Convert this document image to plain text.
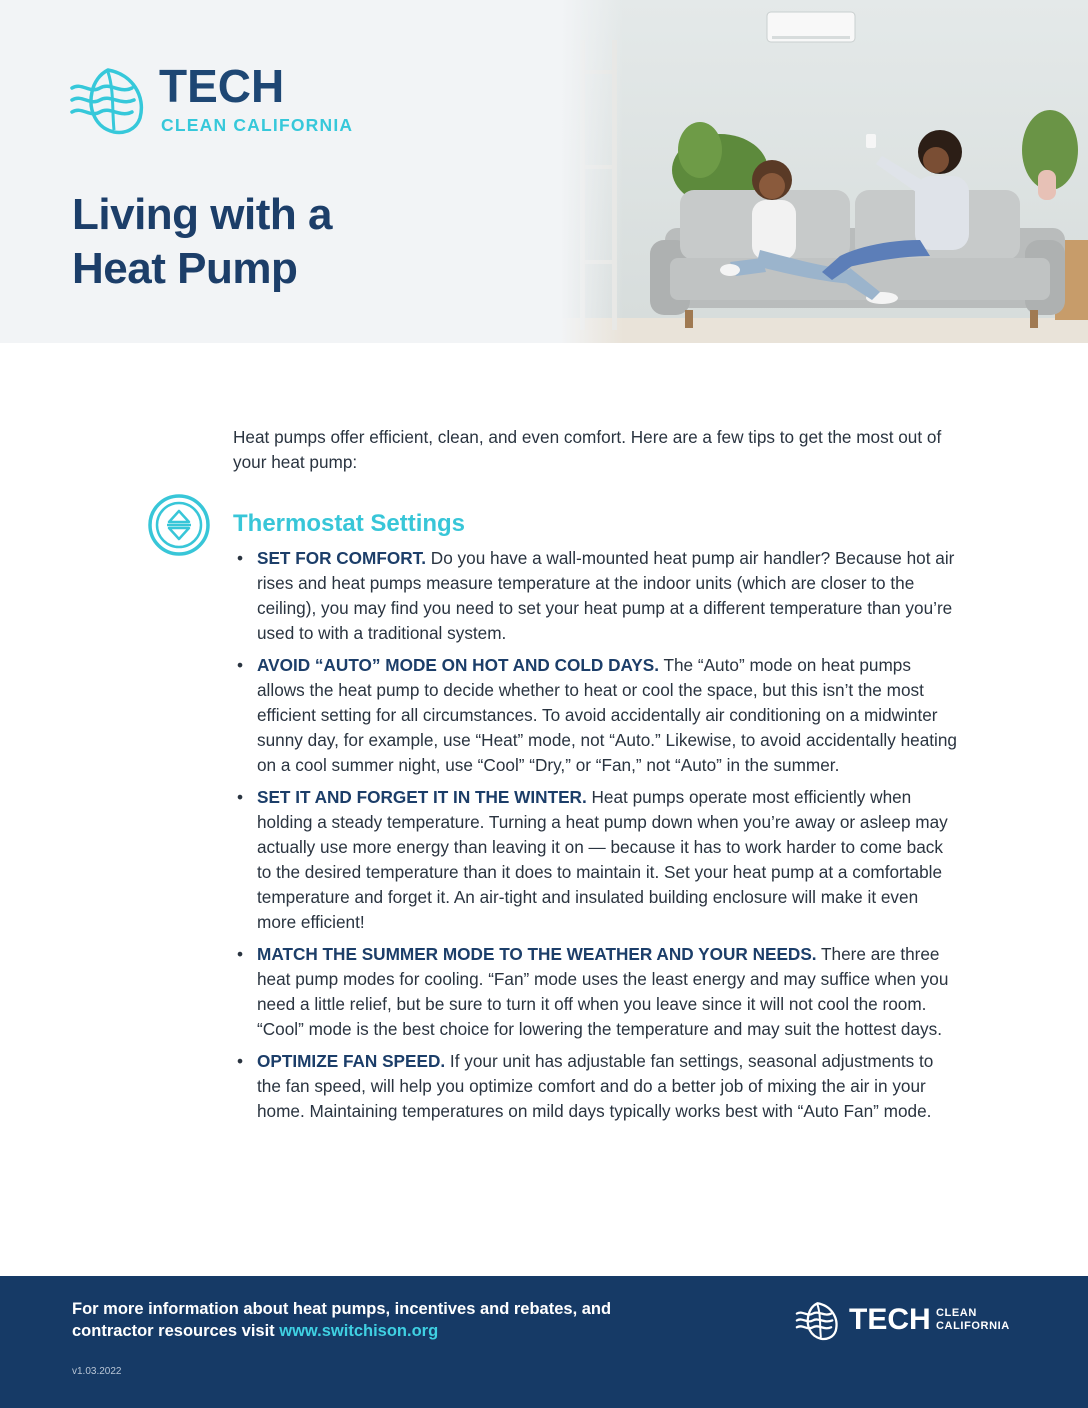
TECH
CLEAN CALIFORNIA
Living with a
Heat Pump

Heat pumps offer efficient, clean, and even comfort. Here are a few tips to get the most out of your heat pump:

Thermostat Settings
• SET FOR COMFORT. Do you have a wall-mounted heat pump air handler? Because hot air rises and heat pumps measure temperature at the indoor units (which are closer to the ceiling), you may find you need to set your heat pump at a different temperature than you’re used to with a traditional system.
• AVOID “AUTO” MODE ON HOT AND COLD DAYS. The “Auto” mode on heat pumps allows the heat pump to decide whether to heat or cool the space, but this isn’t the most efficient setting for all circumstances. To avoid accidentally air conditioning on a midwinter sunny day, for example, use “Heat” mode, not “Auto.” Likewise, to avoid accidentally heating on a cool summer night, use “Cool” “Dry,” or “Fan,” not “Auto” in the summer.
• SET IT AND FORGET IT IN THE WINTER. Heat pumps operate most efficiently when holding a steady temperature. Turning a heat pump down when you’re away or asleep may actually use more energy than leaving it on — because it has to work harder to come back to the desired temperature than it does to maintain it. Set your heat pump at a comfortable temperature and forget it. An air-tight and insulated building enclosure will make it even more efficient!
• MATCH THE SUMMER MODE TO THE WEATHER AND YOUR NEEDS. There are three heat pump modes for cooling. “Fan” mode uses the least energy and may suffice when you need a little relief, but be sure to turn it off when you leave since it will not cool the room. “Cool” mode is the best choice for lowering the temperature and may suit the hottest days.
• OPTIMIZE FAN SPEED. If your unit has adjustable fan settings, seasonal adjustments to the fan speed, will help you optimize comfort and do a better job of mixing the air in your home. Maintaining temperatures on mild days typically works best with “Auto Fan” mode.

For more information about heat pumps, incentives and rebates, and
contractor resources visit www.switchison.org

v1.03.2022
TECH CLEAN
CALIFORNIA
